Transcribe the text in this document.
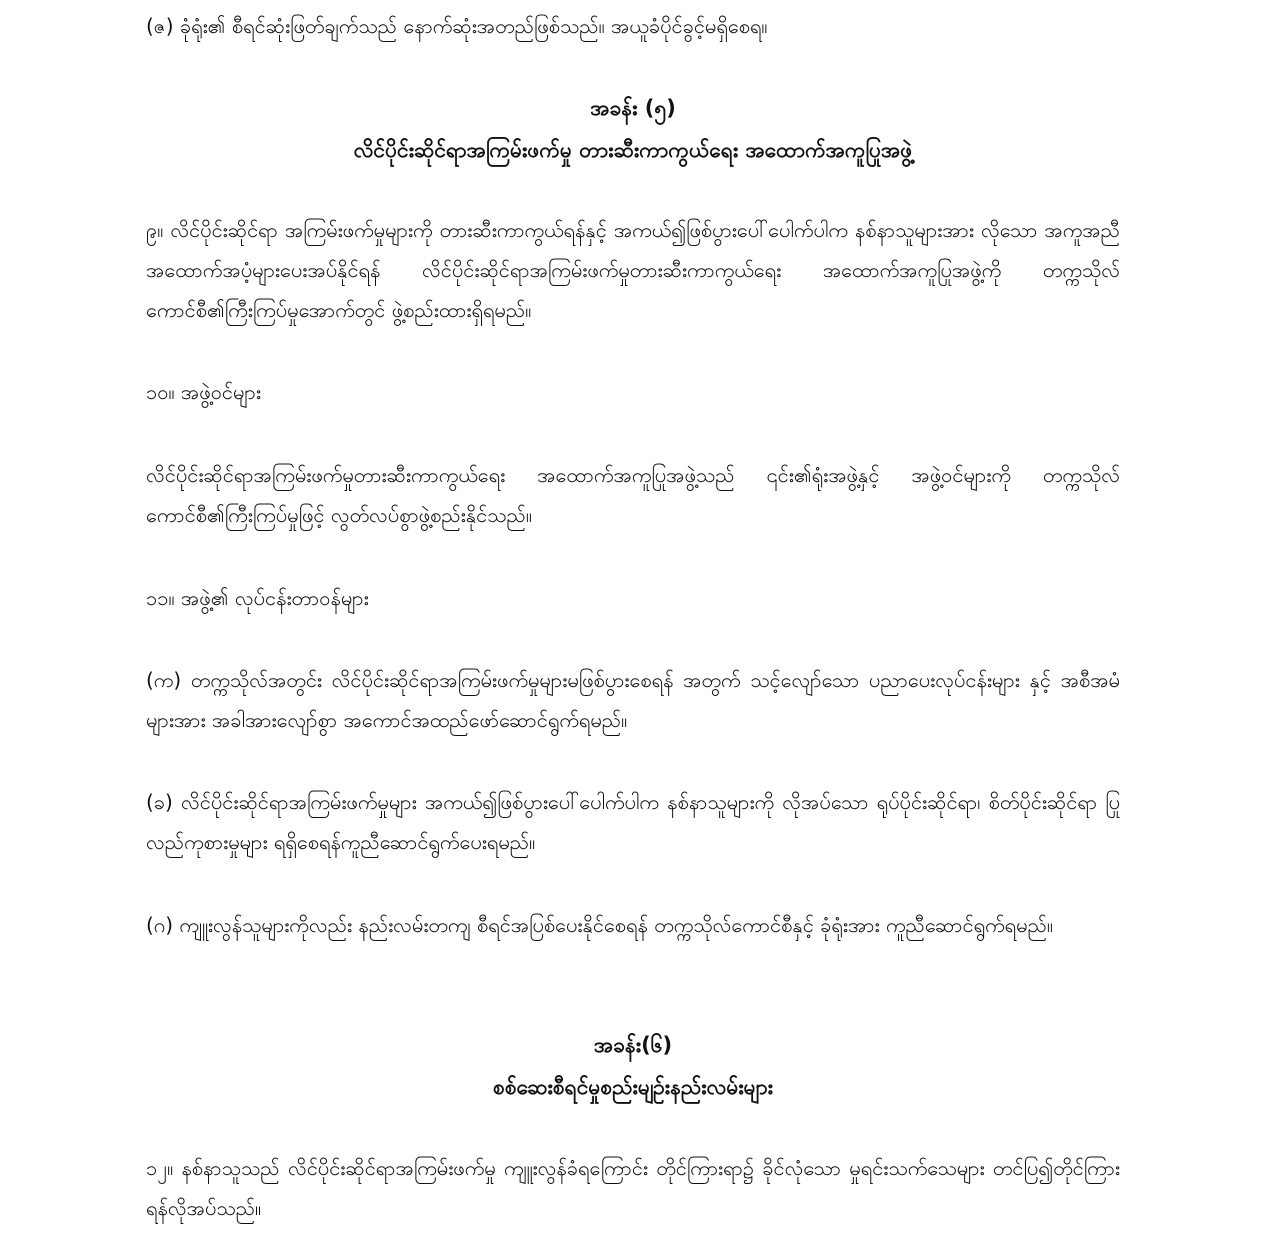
(ဇ) ခုံရုံး၏ စီရင်ဆုံးဖြတ်ချက်သည် နောက်ဆုံးအတည်ဖြစ်သည်။ အယူခံပိုင်ခွင့်မရှိစေရ။

အခန်း (၅)

လိင်ပိုင်းဆိုင်ရာအကြမ်းဖက်မှု တားဆီးကာကွယ်ရေး အထောက်အကူပြုအဖွဲ့

၉။ လိင်ပိုင်းဆိုင်ရာ အကြမ်းဖက်မှုများကို တားဆီးကာကွယ်ရန်နှင့် အကယ်၍ဖြစ်ပွားပေါ်ပေါက်ပါက နစ်နာသူများအား လိုသော အကူအညီ အထောက်အပံ့များပေးအပ်နိုင်ရန် လိင်ပိုင်းဆိုင်ရာအကြမ်းဖက်မှုတားဆီးကာကွယ်ရေး အထောက်အကူပြုအဖွဲ့ကို တက္ကသိုလ်ကောင်စီ၏ကြီးကြပ်မှုအောက်တွင် ဖွဲ့စည်းထားရှိရမည်။

၁၀။ အဖွဲ့ဝင်များ

လိင်ပိုင်းဆိုင်ရာအကြမ်းဖက်မှုတားဆီးကာကွယ်ရေး အထောက်အကူပြုအဖွဲ့သည် ၎င်း၏ရုံးအဖွဲ့နှင့် အဖွဲ့ဝင်များကို တက္ကသိုလ်ကောင်စီ၏ကြီးကြပ်မှုဖြင့် လွတ်လပ်စွာဖွဲ့စည်းနိုင်သည်။

၁၁။ အဖွဲ့၏ လုပ်ငန်းတာဝန်များ

(က) တက္ကသိုလ်အတွင်း လိင်ပိုင်းဆိုင်ရာအကြမ်းဖက်မှုများမဖြစ်ပွားစေရန် အတွက် သင့်လျော်သော ပညာပေးလုပ်ငန်းများ နှင့် အစီအမံများအား အခါအားလျော်စွာ အကောင်အထည်ဖော်ဆောင်ရွက်ရမည်။

(ခ) လိင်ပိုင်းဆိုင်ရာအကြမ်းဖက်မှုများ အကယ်၍ဖြစ်ပွားပေါ်ပေါက်ပါက နစ်နာသူများကို လိုအပ်သော ရုပ်ပိုင်းဆိုင်ရာ၊ စိတ်ပိုင်းဆိုင်ရာ ပြုလည်ကုစားမှုများ ရရှိစေရန်ကူညီဆောင်ရွက်ပေးရမည်။

(ဂ) ကျူးလွန်သူများကိုလည်း နည်းလမ်းတကျ စီရင်အပြစ်ပေးနိုင်စေရန် တက္ကသိုလ်ကောင်စီနှင့် ခုံရုံးအား ကူညီဆောင်ရွက်ရမည်။

အခန်း(၆)

စစ်ဆေးစီရင်မှုစည်းမျဉ်းနည်းလမ်းများ

၁၂။ နစ်နာသူသည် လိင်ပိုင်းဆိုင်ရာအကြမ်းဖက်မှု ကျူးလွန်ခံရကြောင်း တိုင်ကြားရာ၌ ခိုင်လုံသော မှုရင်းသက်သေများ တင်ပြ၍တိုင်ကြားရန်လိုအပ်သည်။
